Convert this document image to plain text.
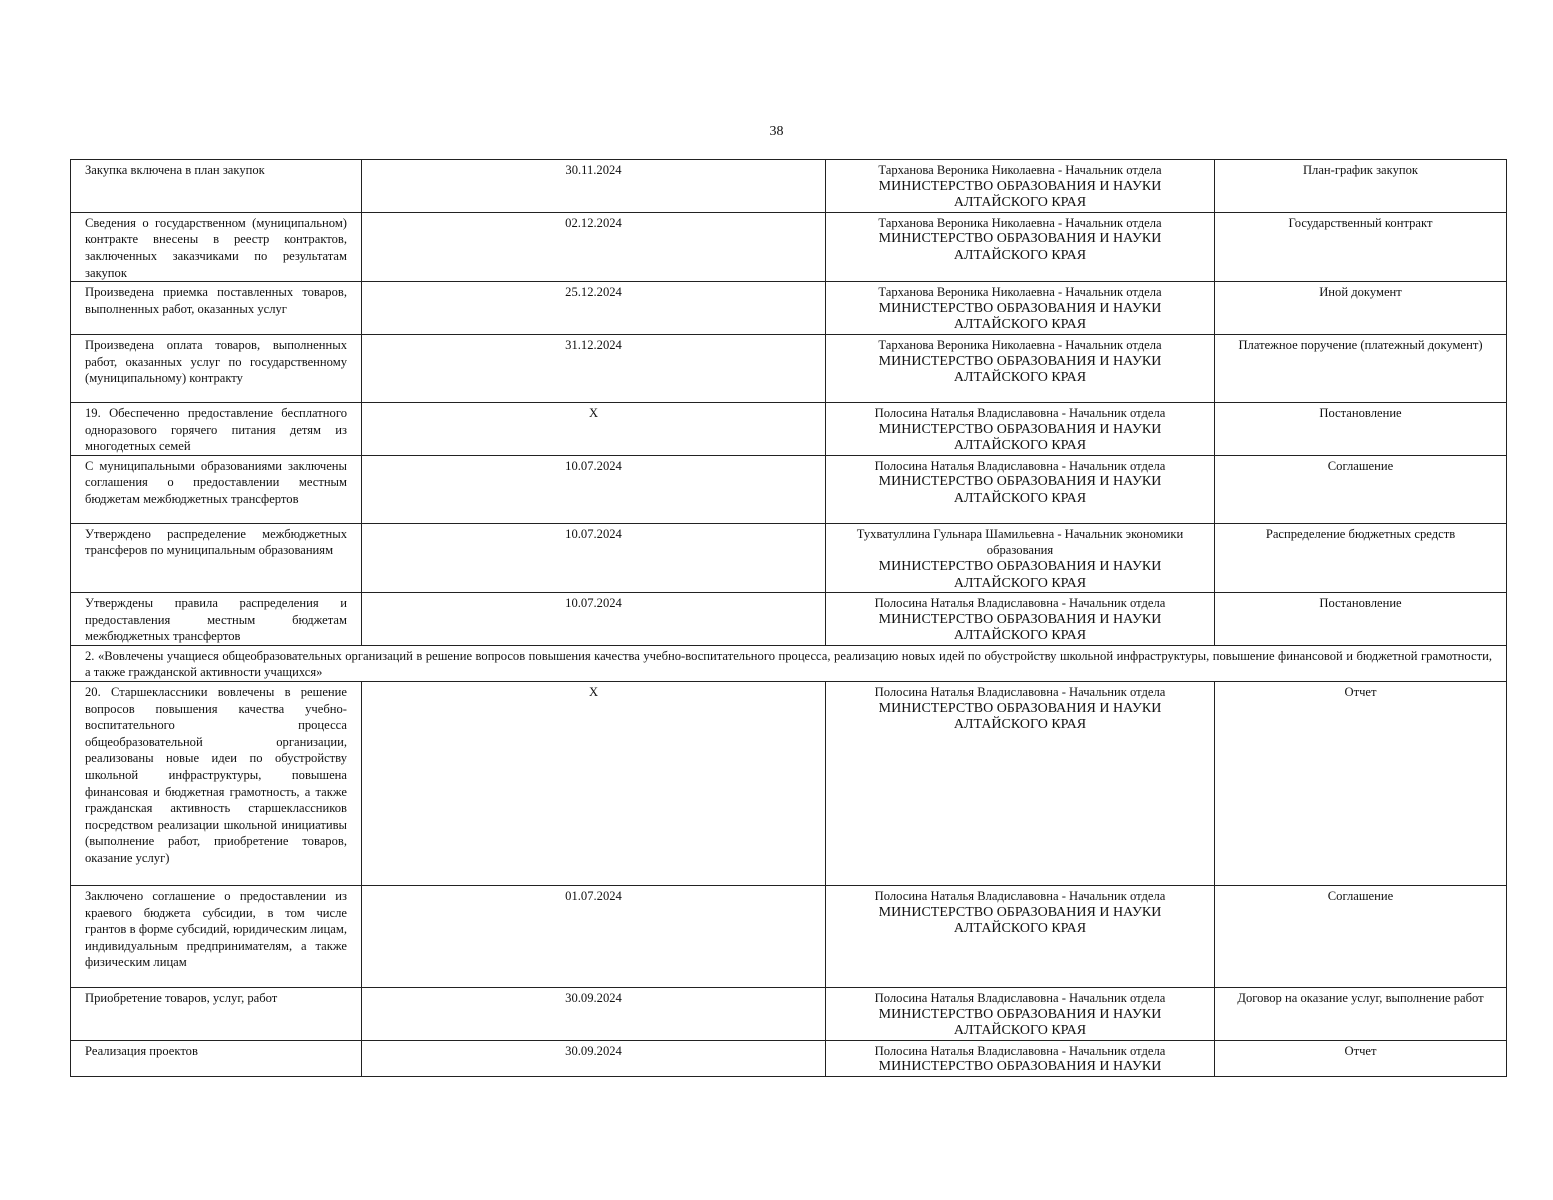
38
Закупка включена в план закупок	30.11.2024	Тарханова Вероника Николаевна - Начальник отдела
МИНИСТЕРСТВО ОБРАЗОВАНИЯ И НАУКИ АЛТАЙСКОГО КРАЯ	План-график закупок
Сведения о государственном (муниципальном) контракте внесены в реестр контрактов, заключенных заказчиками по результатам закупок	02.12.2024	Тарханова Вероника Николаевна - Начальник отдела
МИНИСТЕРСТВО ОБРАЗОВАНИЯ И НАУКИ АЛТАЙСКОГО КРАЯ	Государственный контракт
Произведена приемка поставленных товаров, выполненных работ, оказанных услуг	25.12.2024	Тарханова Вероника Николаевна - Начальник отдела
МИНИСТЕРСТВО ОБРАЗОВАНИЯ И НАУКИ АЛТАЙСКОГО КРАЯ	Иной документ
Произведена оплата товаров, выполненных работ, оказанных услуг по государственному (муниципальному) контракту	31.12.2024	Тарханова Вероника Николаевна - Начальник отдела
МИНИСТЕРСТВО ОБРАЗОВАНИЯ И НАУКИ АЛТАЙСКОГО КРАЯ	Платежное поручение (платежный документ)
19. Обеспеченно предоставление бесплатного одноразового горячего питания детям из многодетных семей	X	Полосина Наталья Владиславовна - Начальник отдела
МИНИСТЕРСТВО ОБРАЗОВАНИЯ И НАУКИ АЛТАЙСКОГО КРАЯ	Постановление
С муниципальными образованиями заключены соглашения о предоставлении местным бюджетам межбюджетных трансфертов	10.07.2024	Полосина Наталья Владиславовна - Начальник отдела
МИНИСТЕРСТВО ОБРАЗОВАНИЯ И НАУКИ АЛТАЙСКОГО КРАЯ	Соглашение
Утверждено распределение межбюджетных трансферов по муниципальным образованиям	10.07.2024	Тухватуллина Гульнара Шамильевна - Начальник экономики образования
МИНИСТЕРСТВО ОБРАЗОВАНИЯ И НАУКИ АЛТАЙСКОГО КРАЯ	Распределение бюджетных средств
Утверждены правила распределения и предоставления местным бюджетам межбюджетных трансфертов	10.07.2024	Полосина Наталья Владиславовна - Начальник отдела
МИНИСТЕРСТВО ОБРАЗОВАНИЯ И НАУКИ АЛТАЙСКОГО КРАЯ	Постановление
2. «Вовлечены учащиеся общеобразовательных организаций в решение вопросов повышения качества учебно-воспитательного процесса, реализацию новых идей по обустройству школьной инфраструктуры, повышение финансовой и бюджетной грамотности, а также гражданской активности учащихся»			
20. Старшеклассники вовлечены в решение вопросов повышения качества учебно-воспитательного процесса общеобразовательной организации, реализованы новые идеи по обустройству школьной инфраструктуры, повышена финансовая и бюджетная грамотность, а также гражданская активность старшеклассников посредством реализации школьной инициативы (выполнение работ, приобретение товаров, оказание услуг)	X	Полосина Наталья Владиславовна - Начальник отдела
МИНИСТЕРСТВО ОБРАЗОВАНИЯ И НАУКИ АЛТАЙСКОГО КРАЯ	Отчет
Заключено соглашение о предоставлении из краевого бюджета субсидии, в том числе грантов в форме субсидий, юридическим лицам, индивидуальным предпринимателям, а также физическим лицам	01.07.2024	Полосина Наталья Владиславовна - Начальник отдела
МИНИСТЕРСТВО ОБРАЗОВАНИЯ И НАУКИ АЛТАЙСКОГО КРАЯ	Соглашение
Приобретение товаров, услуг, работ	30.09.2024	Полосина Наталья Владиславовна - Начальник отдела
МИНИСТЕРСТВО ОБРАЗОВАНИЯ И НАУКИ АЛТАЙСКОГО КРАЯ	Договор на оказание услуг, выполнение работ
Реализация проектов	30.09.2024	Полосина Наталья Владиславовна - Начальник отдела
МИНИСТЕРСТВО ОБРАЗОВАНИЯ И НАУКИ	Отчет
